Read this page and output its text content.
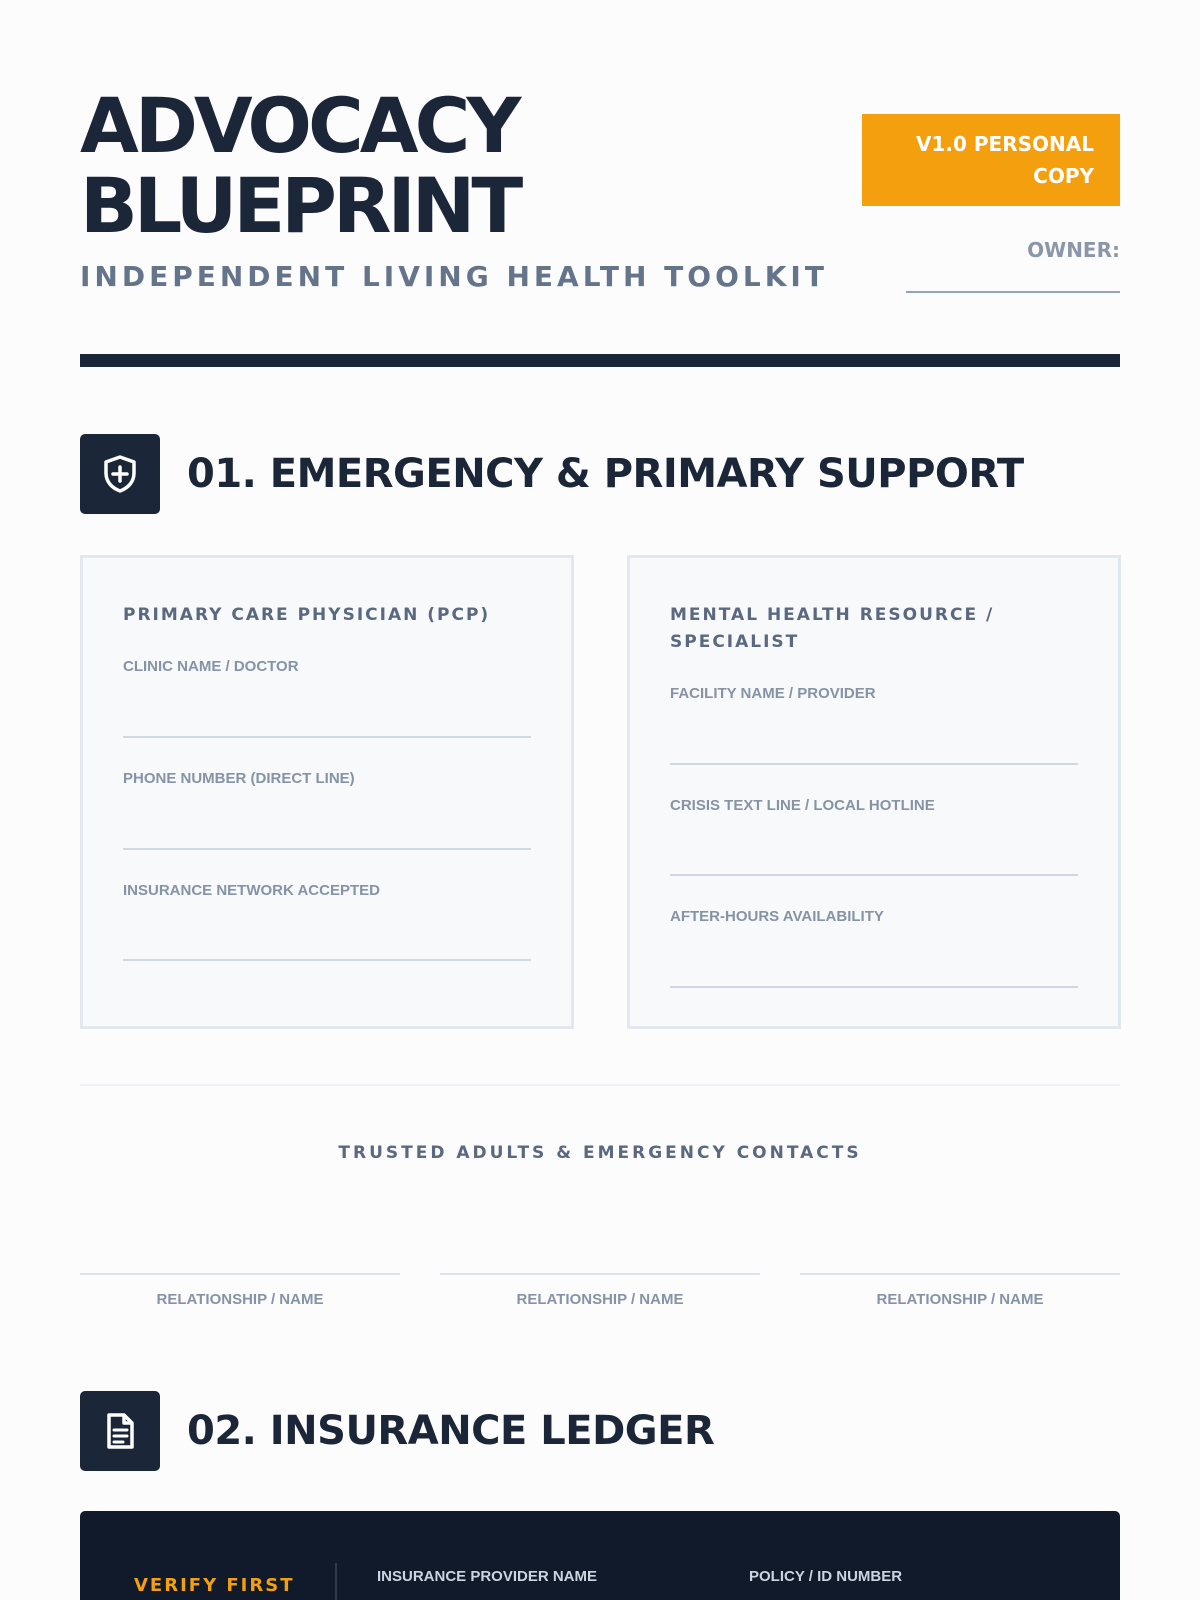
ADVOCACY
BLUEPRINT
INDEPENDENT LIVING HEALTH TOOLKIT
V1.0 PERSONAL
COPY
OWNER:
01. EMERGENCY & PRIMARY SUPPORT
PRIMARY CARE PHYSICIAN (PCP)
CLINIC NAME / DOCTOR
PHONE NUMBER (DIRECT LINE)
INSURANCE NETWORK ACCEPTED
MENTAL HEALTH RESOURCE / SPECIALIST
FACILITY NAME / PROVIDER
CRISIS TEXT LINE / LOCAL HOTLINE
AFTER-HOURS AVAILABILITY
TRUSTED ADULTS & EMERGENCY CONTACTS
RELATIONSHIP / NAME	RELATIONSHIP / NAME	RELATIONSHIP / NAME
02. INSURANCE LEDGER
VERIFY FIRST	INSURANCE PROVIDER NAME	POLICY / ID NUMBER
